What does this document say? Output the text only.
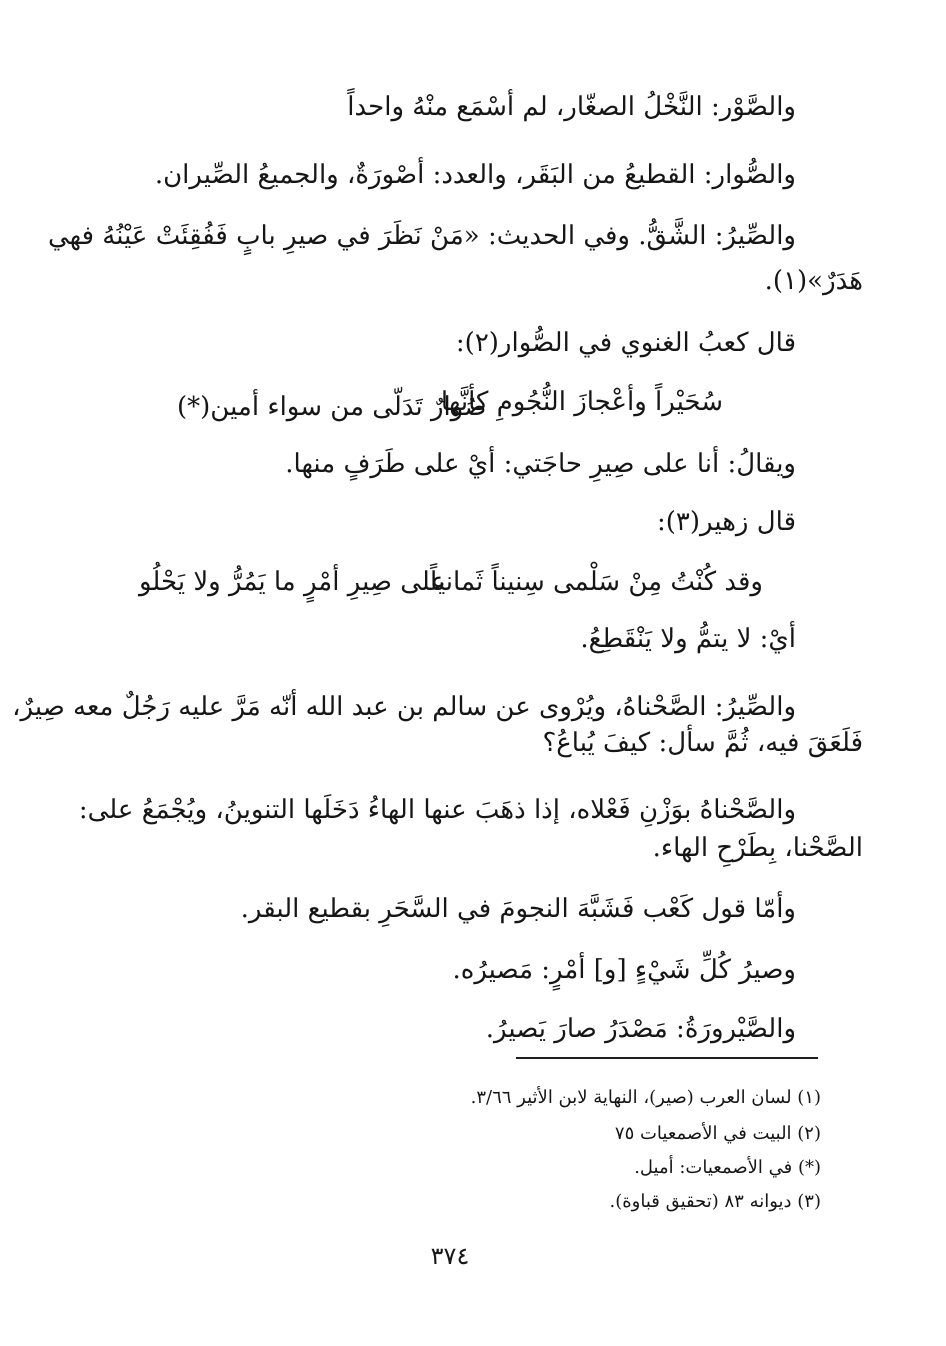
والصَّوْر: النَّخْلُ الصغّار، لم أسْمَع منْهُ واحداً
والصُّوار: القطيعُ من البَقَر، والعدد: أصْورَةٌ، والجميعُ الصِّيران.
والصِّيرُ: الشَّقُّ. وفي الحديث: «مَنْ نَظَرَ في صيرِ بابٍ فَفُقِئَتْ عَيْنُهُ فهي
هَدَرٌ»(١).
قال كعبُ الغنوي في الصُّوار(٢):
سُحَيْراً وأعْجازَ النُّجُومِ كأنَّها
صُوارٌ تَدَلّى من سواء أمين(*)
ويقالُ: أنا على صِيرِ حاجَتي: أيْ على طَرَفٍ منها.
قال زهير(٣):
وقد كُنْتُ مِنْ سَلْمى سِنيناً ثَمانياً
على صِيرِ أمْرٍ ما يَمُرُّ ولا يَحْلُو
أيْ: لا يتمُّ ولا يَنْقَطِعُ.
والصِّيرُ: الصَّحْناهُ، ويُرْوى عن سالم بن عبد الله أنّه مَرَّ عليه رَجُلٌ معه صِيرٌ،
فَلَعَقَ فيه، ثُمَّ سأل: كيفَ يُباعُ؟
والصَّحْناهُ بوَزْنِ فَعْلاه، إذا ذهَبَ عنها الهاءُ دَخَلَها التنوينُ، ويُجْمَعُ على:
الصَّحْنا، بِطَرْحِ الهاء.
وأمّا قول كَعْب فَشَبَّهَ النجومَ في السَّحَرِ بقطيع البقر.
وصيرُ كُلِّ شَيْءٍ [و] أمْرٍ: مَصيرُه.
والصَّيْرورَةُ: مَصْدَرُ صارَ يَصيرُ.
(١) لسان العرب (صير)، النهاية لابن الأثير ٣/٦٦.
(٢) البيت في الأصمعيات ٧٥
(*) في الأصمعيات: أميل.
(٣) ديوانه ٨٣ (تحقيق قباوة).
٣٧٤
